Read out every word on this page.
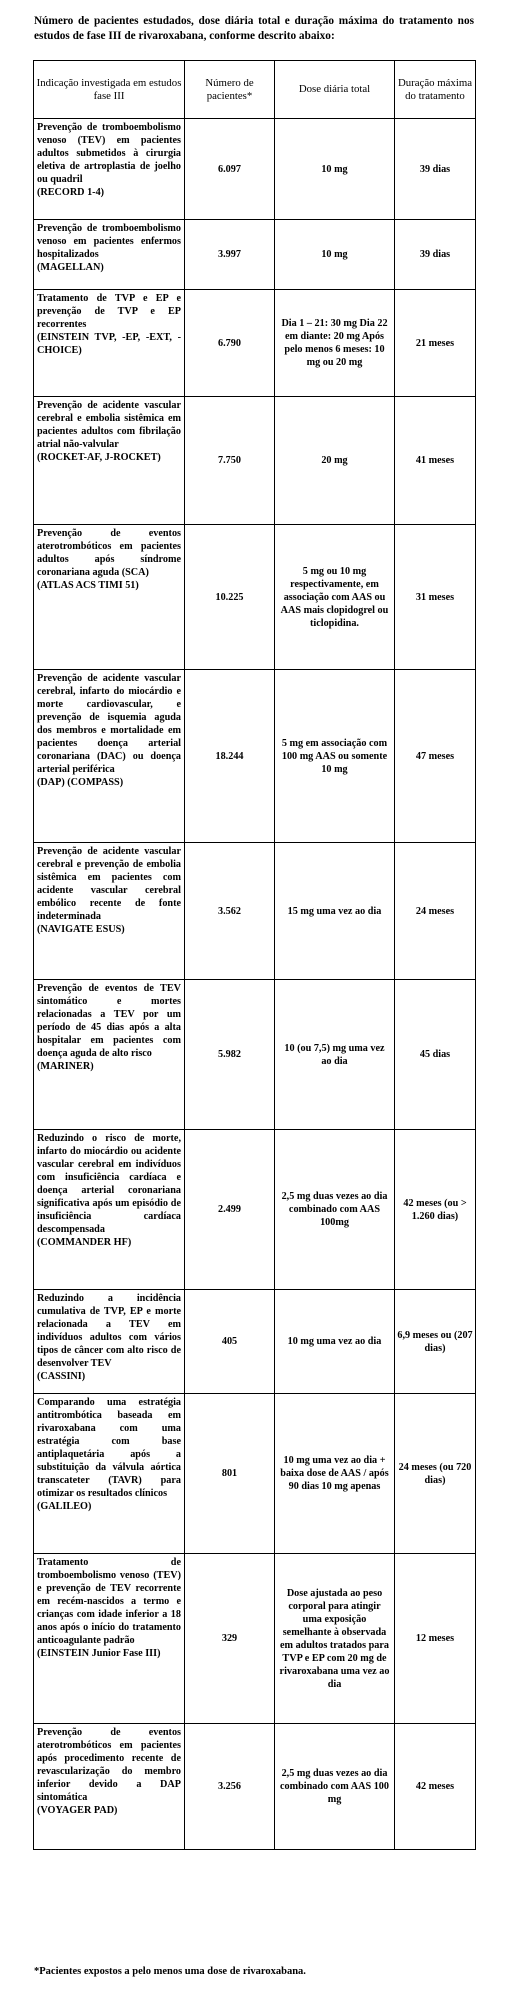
Número de pacientes estudados, dose diária total e duração máxima do tratamento nos estudos de fase III de rivaroxabana, conforme descrito abaixo:
Indicação investigada em estudos fase III	Número de pacientes*	Dose diária total	Duração máxima do tratamento

Prevenção de tromboembolismo venoso (TEV) em pacientes adultos submetidos à cirurgia eletiva de artroplastia de joelho ou quadril
(RECORD 1-4)	6.097	10 mg	39 dias

Prevenção de tromboembolismo venoso em pacientes enfermos hospitalizados
(MAGELLAN)	3.997	10 mg	39 dias

Tratamento de TVP e EP e prevenção de TVP e EP recorrentes
(EINSTEIN TVP, -EP, -EXT, - CHOICE)	6.790	Dia 1 – 21: 30 mg Dia 22 em diante: 20 mg Após pelo menos 6 meses: 10 mg ou 20 mg	21 meses

Prevenção de acidente vascular cerebral e embolia sistêmica em pacientes adultos com fibrilação atrial não-valvular
(ROCKET-AF, J-ROCKET)	7.750	20 mg	41 meses

Prevenção de eventos aterotrombóticos em pacientes adultos após síndrome coronariana aguda (SCA)
(ATLAS ACS TIMI 51)	10.225	5 mg ou 10 mg respectivamente, em associação com AAS ou AAS mais clopidogrel ou ticlopidina.	31 meses

Prevenção de acidente vascular cerebral, infarto do miocárdio e morte cardiovascular, e prevenção de isquemia aguda dos membros e mortalidade em pacientes doença arterial coronariana (DAC) ou doença arterial periférica
(DAP) (COMPASS)	18.244	5 mg em associação com 100 mg AAS ou somente 10 mg	47 meses

Prevenção de acidente vascular cerebral e prevenção de embolia sistêmica em pacientes com acidente vascular cerebral embólico recente de fonte indeterminada
(NAVIGATE ESUS)	3.562	15 mg uma vez ao dia	24 meses

Prevenção de eventos de TEV sintomático e mortes relacionadas a TEV por um período de 45 dias após a alta hospitalar em pacientes com doença aguda de alto risco
(MARINER)	5.982	10 (ou 7,5) mg uma vez ao dia	45 dias

Reduzindo o risco de morte, infarto do miocárdio ou acidente vascular cerebral em indivíduos com insuficiência cardíaca e doença arterial coronariana significativa após um episódio de insuficiência cardíaca descompensada
(COMMANDER HF)	2.499	2,5 mg duas vezes ao dia combinado com AAS 100mg	42 meses (ou > 1.260 dias)

Reduzindo a incidência cumulativa de TVP, EP e morte relacionada a TEV em indivíduos adultos com vários tipos de câncer com alto risco de desenvolver TEV
(CASSINI)	405	10 mg uma vez ao dia	6,9 meses ou (207 dias)

Comparando uma estratégia antitrombótica baseada em rivaroxabana com uma estratégia com base antiplaquetária após a substituição da válvula aórtica transcateter (TAVR) para otimizar os resultados clínicos
(GALILEO)	801	10 mg uma vez ao dia + baixa dose de AAS / após 90 dias 10 mg apenas	24 meses (ou 720 dias)

Tratamento de tromboembolismo venoso (TEV) e prevenção de TEV recorrente em recém-nascidos a termo e crianças com idade inferior a 18 anos após o início do tratamento anticoagulante padrão
(EINSTEIN Junior Fase III)	329	Dose ajustada ao peso corporal para atingir uma exposição semelhante à observada em adultos tratados para TVP e EP com 20 mg de rivaroxabana uma vez ao dia	12 meses

Prevenção de eventos aterotrombóticos em pacientes após procedimento recente de revascularização do membro inferior devido a DAP sintomática
(VOYAGER PAD)	3.256	2,5 mg duas vezes ao dia combinado com AAS 100 mg	42 meses
*Pacientes expostos a pelo menos uma dose de rivaroxabana.
